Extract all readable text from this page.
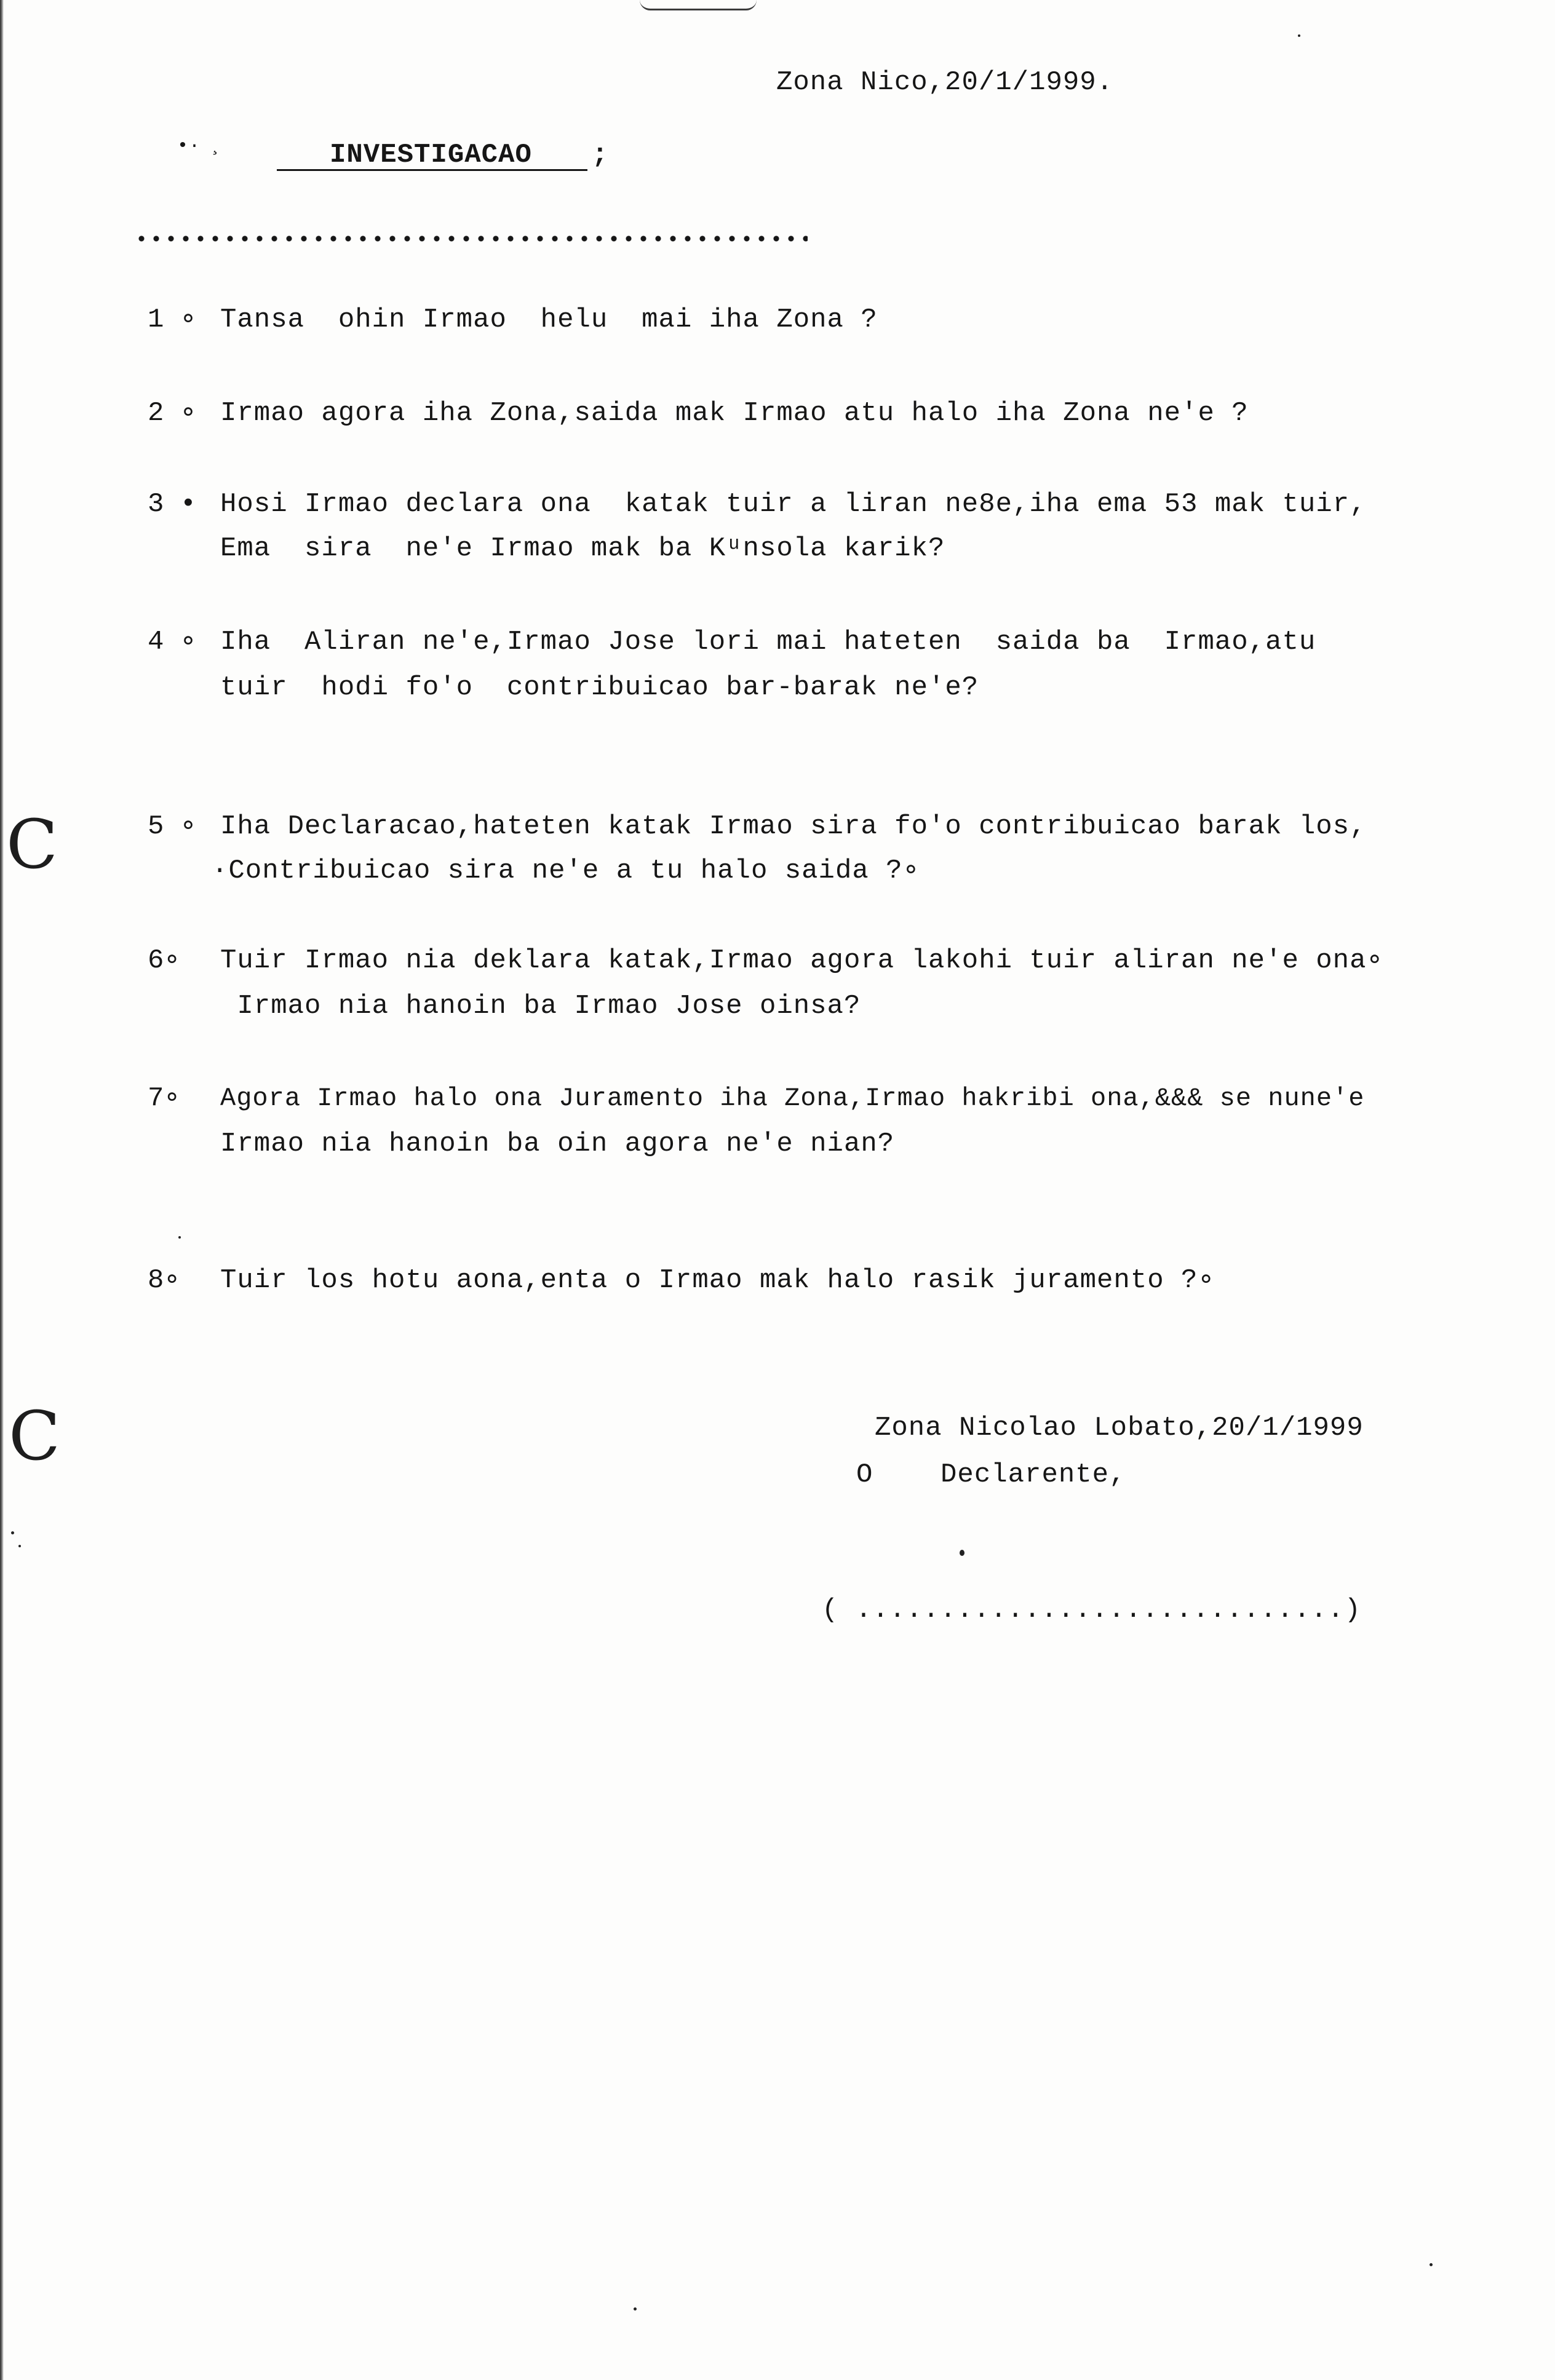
Zona Nico,20/1/1999.
•· ¸	INVESTIGACAO ;
1 ∘ Tansa  ohin Irmao  helu  mai iha Zona ?
2 ∘ Irmao agora iha Zona,saida mak Irmao atu halo iha Zona ne'e ?
3 • Hosi Irmao declara ona  katak tuir a liran ne8e,iha ema 53 mak tuir,
Ema  sira  ne'e Irmao mak ba Kᵘnsola karik?
4 ∘ Iha  Aliran ne'e,Irmao Jose lori mai hateten  saida ba  Irmao,atu
tuir  hodi fo'o  contribuicao bar-barak ne'e?
5 ∘ Iha Declaracao,hateten katak Irmao sira fo'o contribuicao barak los,
·Contribuicao sira ne'e a tu halo saida ?∘
6∘ Tuir Irmao nia deklara katak,Irmao agora lakohi tuir aliran ne'e ona∘
Irmao nia hanoin ba Irmao Jose oinsa?
7∘ Agora Irmao halo ona Juramento iha Zona,Irmao hakribi ona,&&& se nune'e
Irmao nia hanoin ba oin agora ne'e nian?
8∘ Tuir los hotu aona,enta o Irmao mak halo rasik juramento ?∘
Zona Nicolao Lobato,20/1/1999
O    Declarente,
( .............................)
C
C
